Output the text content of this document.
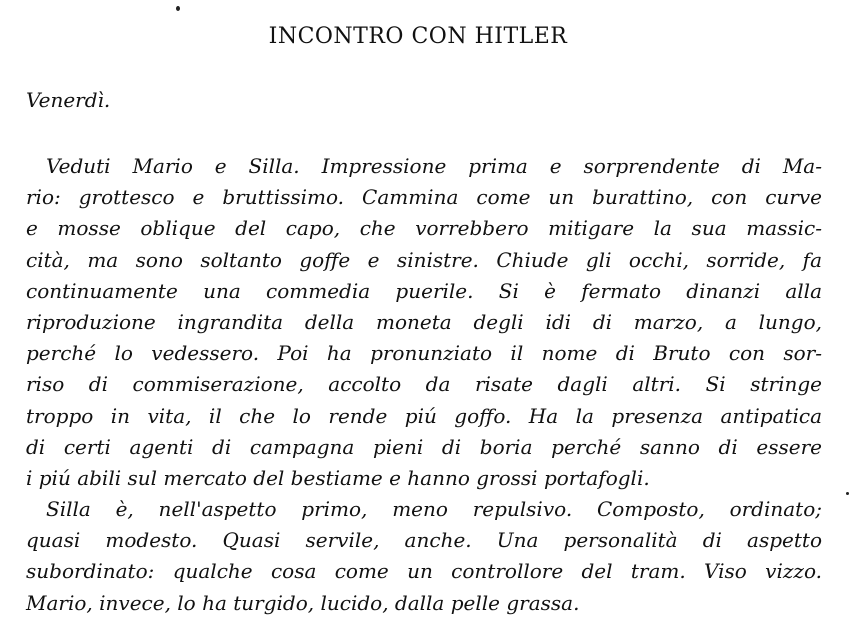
INCONTRO CON HITLER

Venerdì.

Veduti Mario e Silla. Impressione prima e sorprendente di Ma-

rio: grottesco e bruttissimo. Cammina come un burattino, con curve

e mosse oblique del capo, che vorrebbero mitigare la sua massic-

cità, ma sono soltanto goffe e sinistre. Chiude gli occhi, sorride, fa

continuamente una commedia puerile. Si è fermato dinanzi alla

riproduzione ingrandita della moneta degli idi di marzo, a lungo,

perché lo vedessero. Poi ha pronunziato il nome di Bruto con sor-

riso di commiserazione, accolto da risate dagli altri. Si stringe

troppo in vita, il che lo rende piú goffo. Ha la presenza antipatica

di certi agenti di campagna pieni di boria perché sanno di essere

i piú abili sul mercato del bestiame e hanno grossi portafogli.

Silla è, nell'aspetto primo, meno repulsivo. Composto, ordinato;

quasi modesto. Quasi servile, anche. Una personalità di aspetto

subordinato: qualche cosa come un controllore del tram. Viso vizzo.

Mario, invece, lo ha turgido, lucido, dalla pelle grassa.
